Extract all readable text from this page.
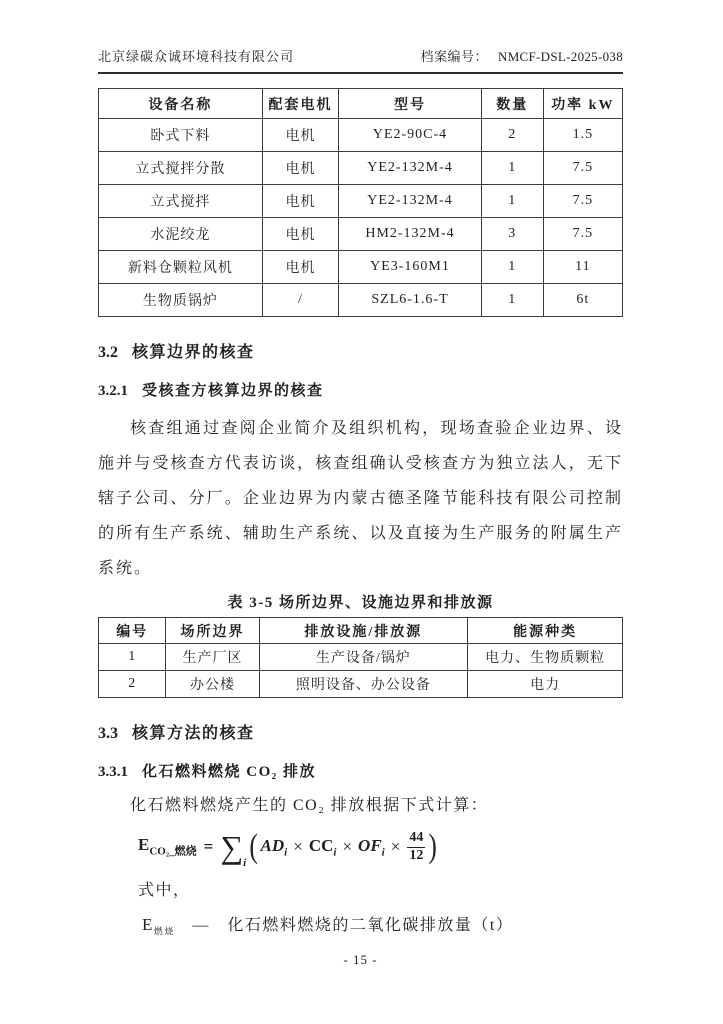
北京绿碳众诚环境科技有限公司	档案编号： NMCF-DSL-2025-038
设备名称	配套电机	型号	数量	功率 kW
卧式下料	电机	YE2-90C-4	2	1.5
立式搅拌分散	电机	YE2-132M-4	1	7.5
立式搅拌	电机	YE2-132M-4	1	7.5
水泥绞龙	电机	HM2-132M-4	3	7.5
新料仓颗粒风机	电机	YE3-160M1	1	11
生物质锅炉	/	SZL6-1.6-T	1	6t
3.2 核算边界的核查
3.2.1 受核查方核算边界的核查
核查组通过查阅企业简介及组织机构，现场查验企业边界、设施并与受核查方代表访谈，核查组确认受核查方为独立法人，无下辖子公司、分厂。企业边界为内蒙古德圣隆节能科技有限公司控制的所有生产系统、辅助生产系统、以及直接为生产服务的附属生产系统。
表 3-5 场所边界、设施边界和排放源
编号	场所边界	排放设施/排放源	能源种类
1	生产厂区	生产设备/锅炉	电力、生物质颗粒
2	办公楼	照明设备、办公设备	电力
3.3 核算方法的核查
3.3.1 化石燃料燃烧 CO₂ 排放
化石燃料燃烧产生的 CO₂ 排放根据下式计算：
$E_{CO_2\_燃烧} = \sum_i$ ( $AD_i \times CC_i \times OF_i \times \frac{44}{12}$ )
式中，
$E_{燃烧}$ — 化石燃料燃烧的二氧化碳排放量（t）
- 15 -
